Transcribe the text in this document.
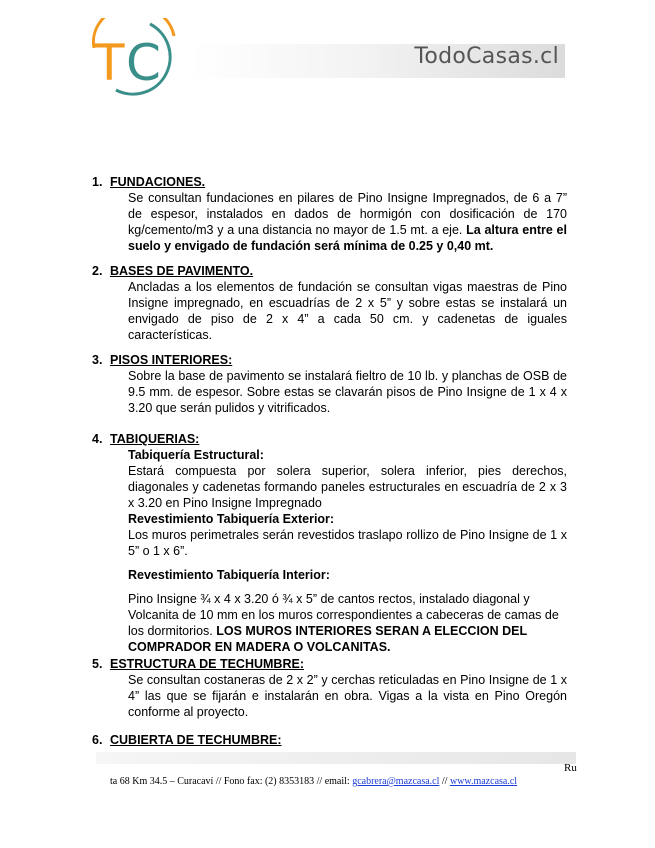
T C	TodoCasas.cl
1. FUNDACIONES.
Se consultan fundaciones en pilares de Pino Insigne Impregnados, de 6 a 7” de espesor, instalados en dados de hormigón con dosificación de 170 kg/cemento/m3 y a una distancia no mayor de 1.5 mt. a eje. La altura entre el suelo y envigado de fundación será mínima de 0.25 y 0,40 mt.
2. BASES DE PAVIMENTO.
Ancladas a los elementos de fundación se consultan vigas maestras de Pino Insigne impregnado, en escuadrías de 2 x 5” y sobre estas se instalará un envigado de piso de 2 x 4” a cada 50 cm. y cadenetas de iguales características.
3. PISOS INTERIORES:
Sobre la base de pavimento se instalará fieltro de 10 lb. y planchas de OSB de 9.5 mm. de espesor. Sobre estas se clavarán pisos de Pino Insigne de 1 x 4 x 3.20 que serán pulidos y vitrificados.
4. TABIQUERIAS:
Tabiquería Estructural:
Estará compuesta por solera superior, solera inferior, pies derechos, diagonales y cadenetas formando paneles estructurales en escuadría de 2 x 3 x 3.20 en Pino Insigne Impregnado
Revestimiento Tabiquería Exterior:
Los muros perimetrales serán revestidos traslapo rollizo de Pino Insigne de 1 x 5” o 1 x 6”.
Revestimiento Tabiquería Interior:
Pino Insigne ¾ x 4 x 3.20 ó ¾ x 5” de cantos rectos, instalado diagonal y Volcanita de 10 mm en los muros correspondientes a cabeceras de camas de los dormitorios. LOS MUROS INTERIORES SERAN A ELECCION DEL COMPRADOR EN MADERA O VOLCANITAS.
5. ESTRUCTURA DE TECHUMBRE:
Se consultan costaneras de 2 x 2” y cerchas reticuladas en Pino Insigne de 1 x 4” las que se fijarán e instalarán en obra. Vigas a la vista en Pino Oregón conforme al proyecto.
6. CUBIERTA DE TECHUMBRE:
Ru
ta 68 Km 34.5 – Curacaví // Fono fax: (2) 8353183 // email: gcabrera@mazcasa.cl // www.mazcasa.cl
